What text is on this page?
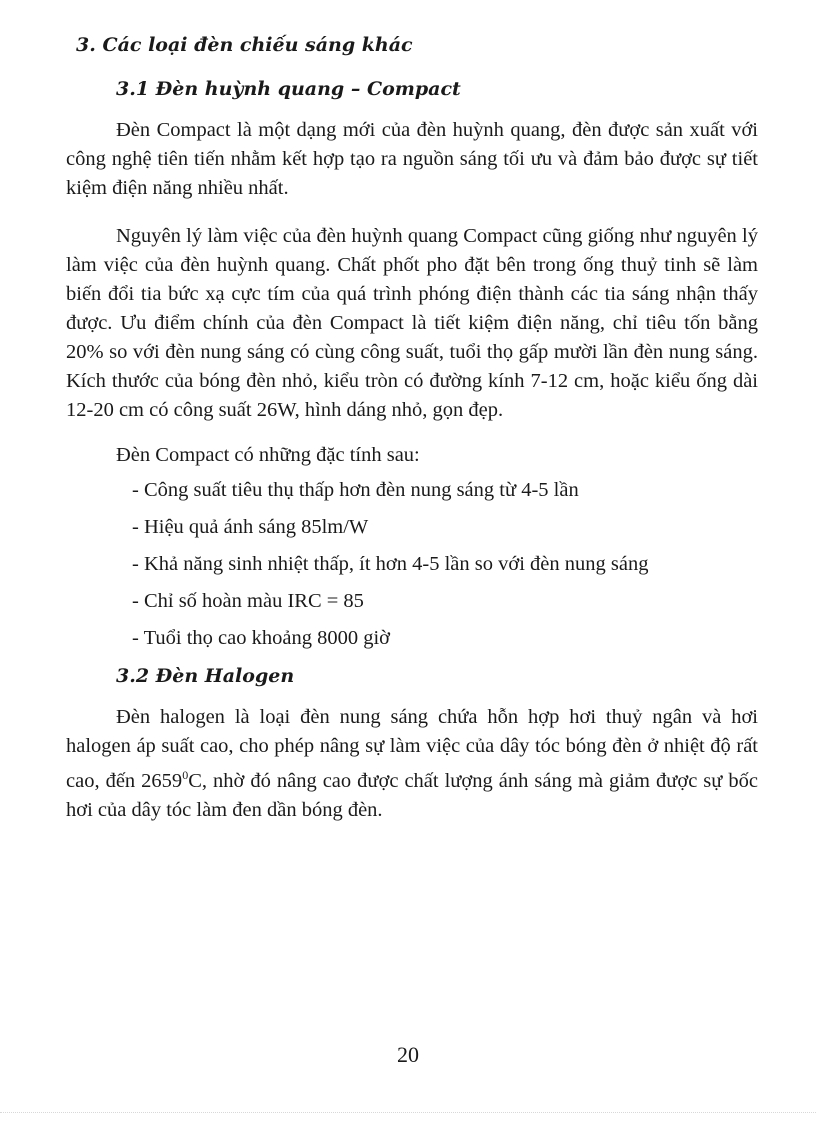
3. Các loại đèn chiếu sáng khác
3.1 Đèn huỳnh quang – Compact

Đèn Compact là một dạng mới của đèn huỳnh quang, đèn được sản xuất với công nghệ tiên tiến nhằm kết hợp tạo ra nguồn sáng tối ưu và đảm bảo được sự tiết kiệm điện năng nhiều nhất.

Nguyên lý làm việc của đèn huỳnh quang Compact cũng giống như nguyên lý làm việc của đèn huỳnh quang. Chất phốt pho đặt bên trong ống thuỷ tinh sẽ làm biến đổi tia bức xạ cực tím của quá trình phóng điện thành các tia sáng nhận thấy được. Ưu điểm chính của đèn Compact là tiết kiệm điện năng, chỉ tiêu tốn bằng 20% so với đèn nung sáng có cùng công suất, tuổi thọ gấp mười lần đèn nung sáng. Kích thước của bóng đèn nhỏ, kiểu tròn có đường kính 7-12 cm, hoặc kiểu ống dài 12-20 cm có công suất 26W, hình dáng nhỏ, gọn đẹp.

Đèn Compact có những đặc tính sau:

- Công suất tiêu thụ thấp hơn đèn nung sáng từ 4-5 lần
- Hiệu quả ánh sáng 85lm/W
- Khả năng sinh nhiệt thấp, ít hơn 4-5 lần so với đèn nung sáng
- Chỉ số hoàn màu IRC = 85
- Tuổi thọ cao khoảng 8000 giờ
3.2 Đèn Halogen

Đèn halogen là loại đèn nung sáng chứa hỗn hợp hơi thuỷ ngân và hơi halogen áp suất cao, cho phép nâng sự làm việc của dây tóc bóng đèn ở nhiệt độ rất cao, đến 2659$^0$C, nhờ đó nâng cao được chất lượng ánh sáng mà giảm được sự bốc hơi của dây tóc làm đen dần bóng đèn.

20
